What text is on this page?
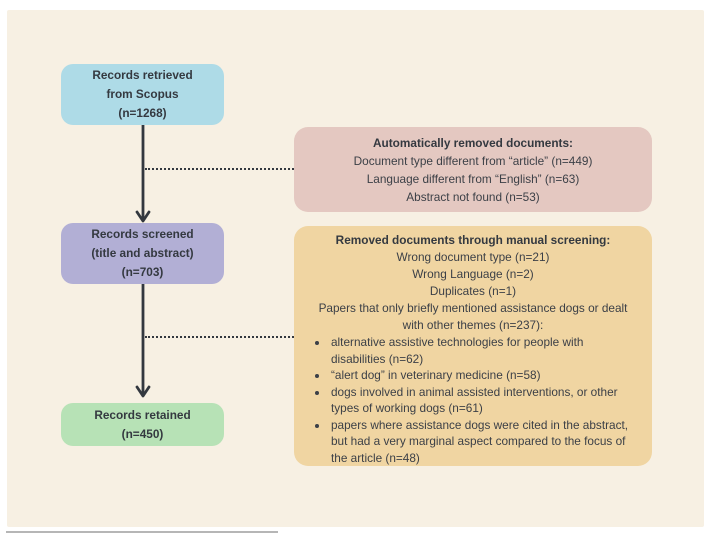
Records retrieved
from Scopus
(n=1268)
Records screened
(title and abstract)
(n=703)
Records retained
(n=450)
Automatically removed documents:
Document type different from “article” (n=449)
Language different from “English” (n=63)
Abstract not found (n=53)
Removed documents through manual screening:
Wrong document type (n=21)
Wrong Language (n=2)
Duplicates (n=1)
Papers that only briefly mentioned assistance dogs or dealt with other themes (n=237):
• alternative assistive technologies for people with disabilities (n=62)
• “alert dog” in veterinary medicine (n=58)
• dogs involved in animal assisted interventions, or other types of working dogs (n=61)
• papers where assistance dogs were cited in the abstract, but had a very marginal aspect compared to the focus of the article (n=48)
